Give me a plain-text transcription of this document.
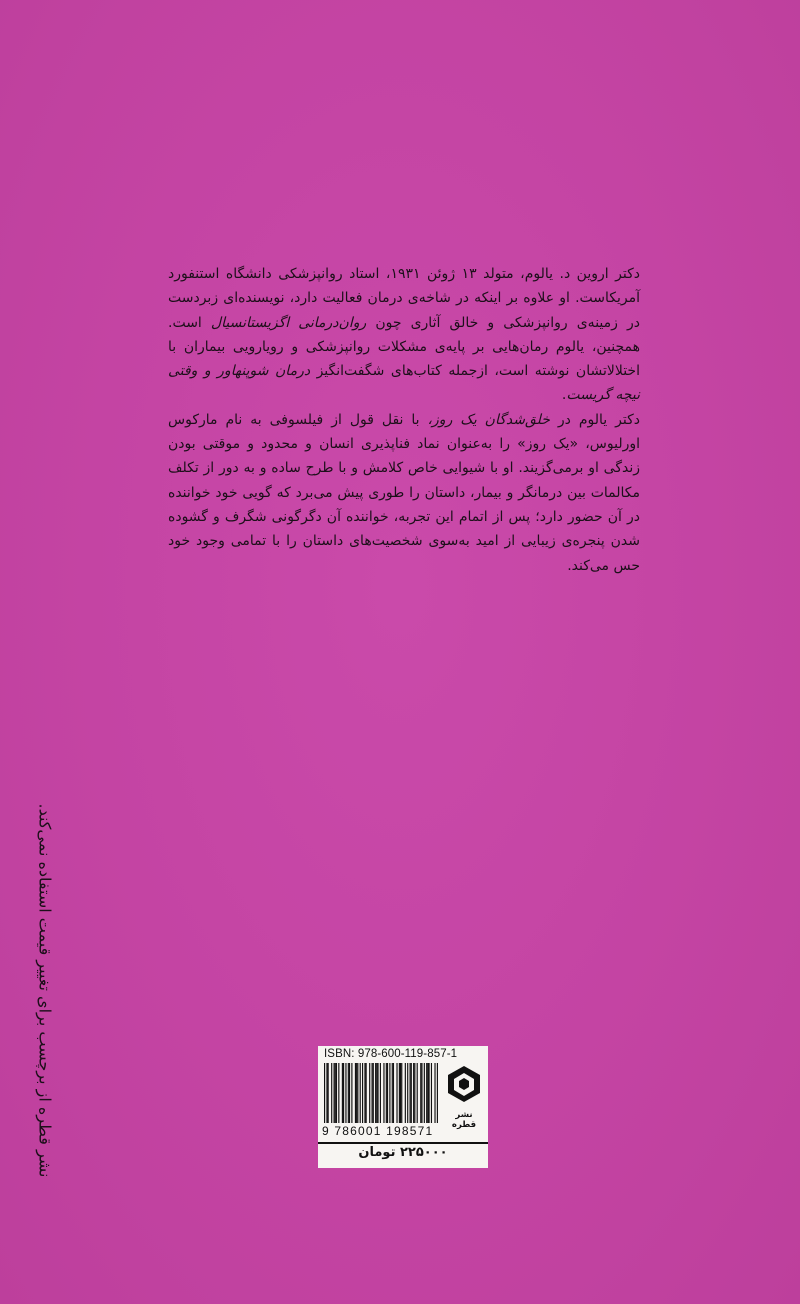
دکتر اروین د. یالوم، متولد ۱۳ ژوئن ۱۹۳۱، استاد روانپزشکی دانشگاه استنفورد آمریکاست. او علاوه بر اینکه در شاخه‌ی درمان فعالیت دارد، نویسنده‌ای زبردست در زمینه‌ی روانپزشکی و خالق آثاری چون روان‌درمانی اگزیستانسیال است. همچنین، یالوم رمان‌هایی بر پایه‌ی مشکلات روانپزشکی و رویارویی بیماران با اختلالاتشان نوشته است، ازجمله کتاب‌های شگفت‌انگیز درمان شوپنهاور و وقتی نیچه گریست.

دکتر یالوم در خلق‌شدگان یک روز، با نقل قول از فیلسوفی به نام مارکوس اورلیوس، «یک روز» را به‌عنوان نماد فناپذیری انسان و محدود و موقتی بودن زندگی او برمی‌گزیند. او با شیوایی خاص کلامش و با طرح ساده و به دور از تکلف مکالمات بین درمانگر و بیمار، داستان را طوری پیش می‌برد که گویی خود خواننده در آن حضور دارد؛ پس از اتمام این تجربه، خواننده آن دگرگونی شگرف و گشوده شدن پنجره‌ی زیبایی از امید به‌سوی شخصیت‌های داستان را با تمامی وجود خود حس می‌کند.

نشر قطره از برچسب برای تغییر قیمت استفاده نمی‌کند.	ISBN: 978-600-119-857-1
9 786001 198571
نشر قطره
۲۲۵۰۰۰ تومان
